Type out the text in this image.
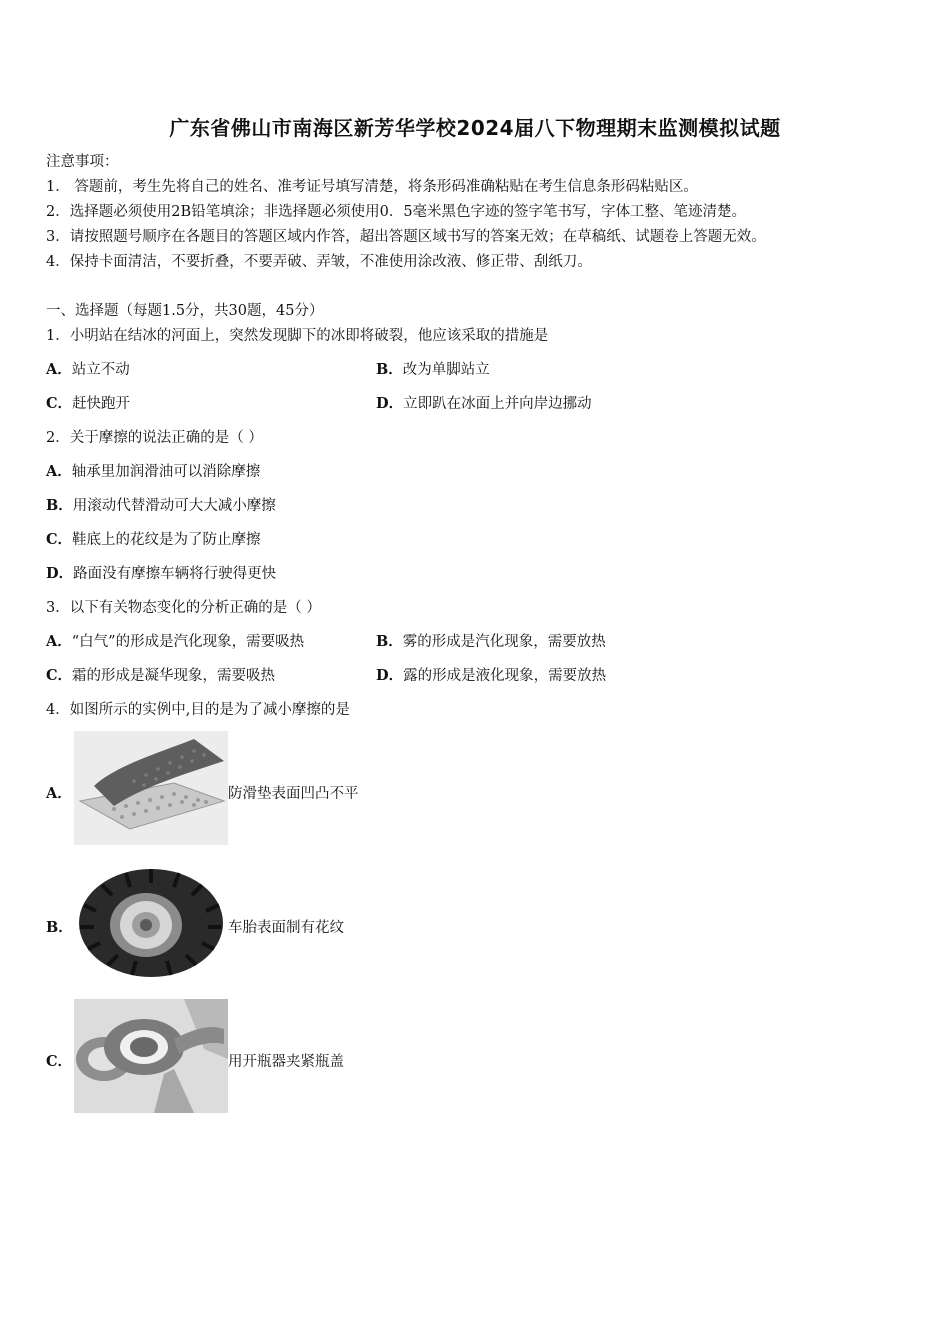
广东省佛山市南海区新芳华学校2024届八下物理期末监测模拟试题
注意事项：
1． 答题前，考生先将自己的姓名、准考证号填写清楚，将条形码准确粘贴在考生信息条形码粘贴区。
2．选择题必须使用2B铅笔填涂；非选择题必须使用0．5毫米黑色字迹的签字笔书写，字体工整、笔迹清楚。
3．请按照题号顺序在各题目的答题区域内作答，超出答题区域书写的答案无效；在草稿纸、试题卷上答题无效。
4．保持卡面清洁，不要折叠，不要弄破、弄皱，不准使用涂改液、修正带、刮纸刀。
一、选择题（每题1.5分，共30题，45分）
1．小明站在结冰的河面上，突然发现脚下的冰即将破裂，他应该采取的措施是
A．站立不动	B．改为单脚站立
C．赶快跑开	D．立即趴在冰面上并向岸边挪动
2．关于摩擦的说法正确的是（ ）
A．轴承里加润滑油可以消除摩擦
B．用滚动代替滑动可大大减小摩擦
C．鞋底上的花纹是为了防止摩擦
D．路面没有摩擦车辆将行驶得更快
3．以下有关物态变化的分析正确的是（ ）
A．“白气”的形成是汽化现象，需要吸热	B．雾的形成是汽化现象，需要放热
C．霜的形成是凝华现象，需要吸热	D．露的形成是液化现象，需要放热
4．如图所示的实例中,目的是为了减小摩擦的是
A．	防滑垫表面凹凸不平
B．	车胎表面制有花纹
C．	用开瓶器夹紧瓶盖
